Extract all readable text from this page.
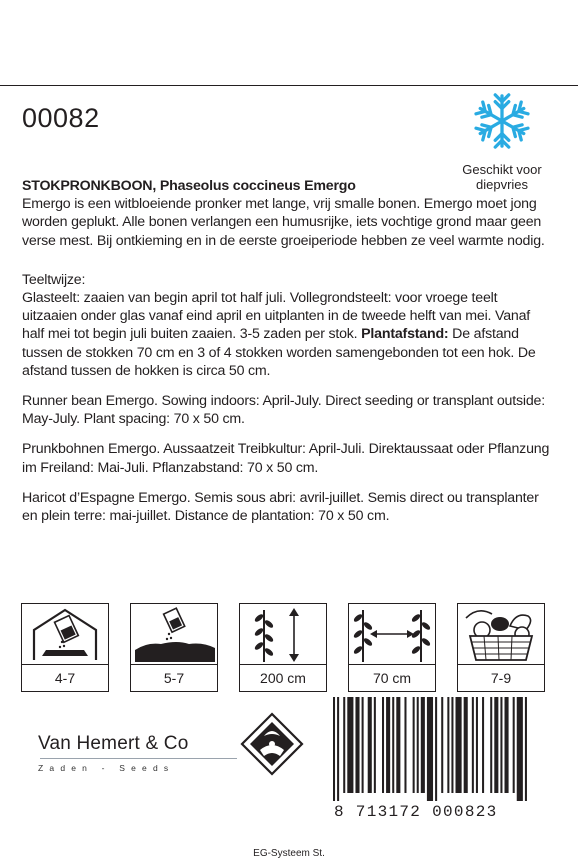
00082
Geschikt voor
diepvries

STOKPRONKBOON, Phaseolus coccineus Emergo

Emergo is een witbloeiende pronker met lange, vrij smalle bonen. Emergo moet jong worden geplukt. Alle bonen verlangen een humusrijke, iets vochtige grond maar geen verse mest. Bij ontkieming en in de eerste groeiperiode hebben ze veel warmte nodig.

Teeltwijze:
Glasteelt: zaaien van begin april tot half juli. Vollegrondsteelt: voor vroege teelt uitzaaien onder glas vanaf eind april en uitplanten in de tweede helft van mei. Vanaf half mei tot begin juli buiten zaaien. 3-5 zaden per stok. Plantafstand: De afstand tussen de stokken 70 cm en 3 of 4 stokken worden samengebonden tot een hok. De afstand tussen de hokken is circa 50 cm.

Runner bean Emergo. Sowing indoors: April-July. Direct seeding or transplant outside: May-July. Plant spacing: 70 x 50 cm.

Prunkbohnen Emergo. Aussaatzeit Treibkultur: April-Juli. Direktaussaat oder Pflanzung im Freiland: Mai-Juli. Pflanzabstand: 70 x 50 cm.

Haricot d’Espagne Emergo. Semis sous abri: avril-juillet. Semis direct ou transplanter en plein terre: mai-juillet. Distance de plantation: 70 x 50 cm.

4-7	5-7	200 cm	70 cm	7-9
Van Hemert & Co
Zaden - Seeds
8 713172 000823
EG-Systeem St.
